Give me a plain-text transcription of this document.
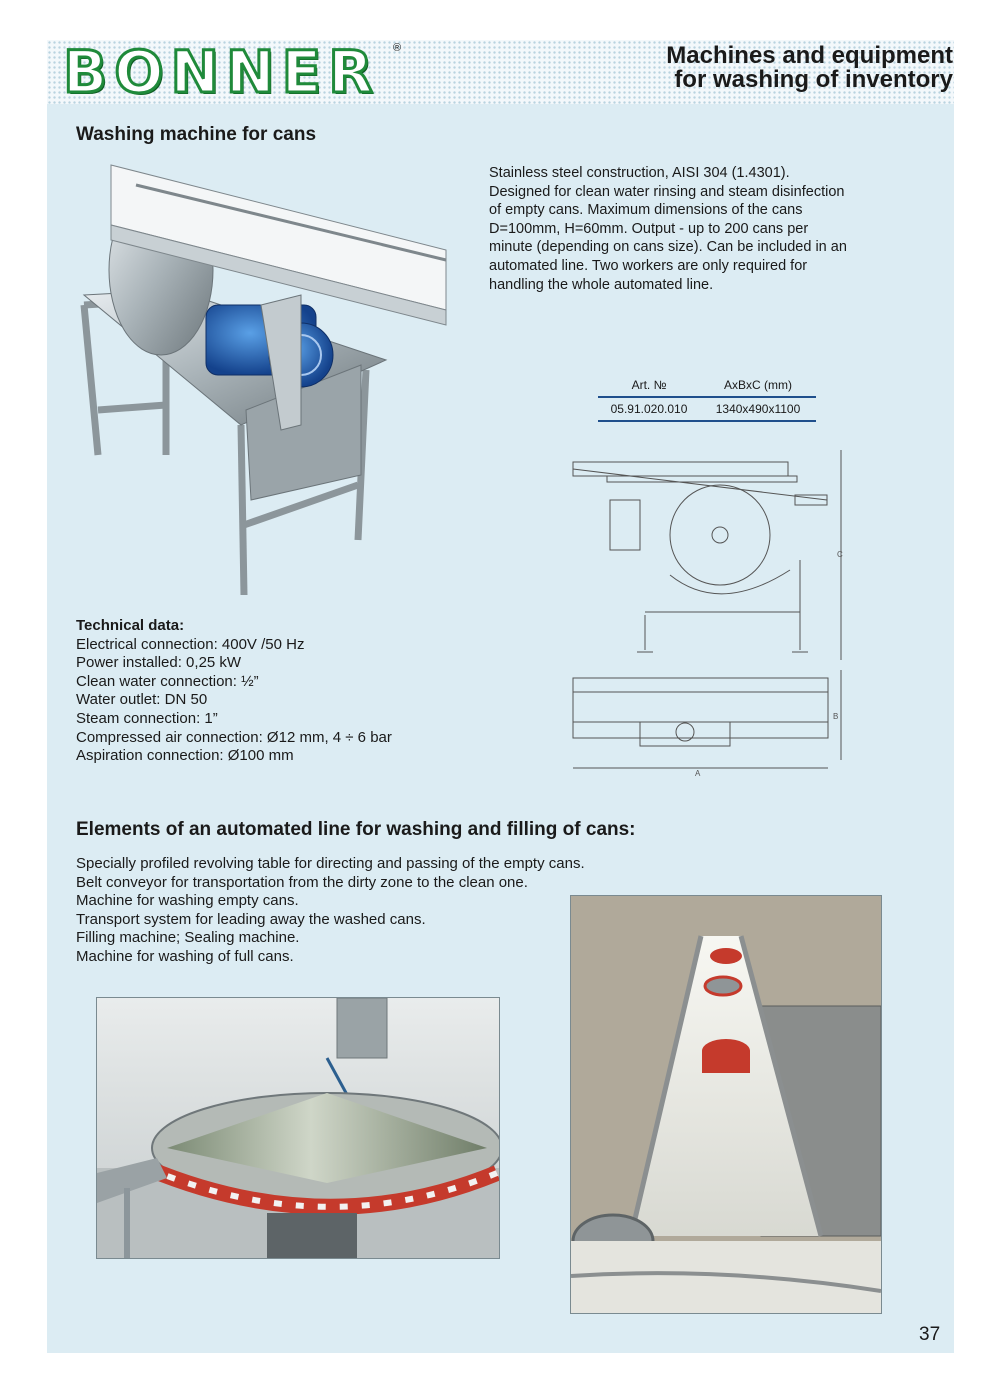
BONNER ®	Machines and equipment
for washing of inventory
Washing machine for cans
Stainless steel construction, AISI 304 (1.4301).
Designed for clean water rinsing and steam disinfection
of empty cans. Maximum dimensions of the cans
D=100mm, H=60mm. Output - up to 200 cans per
minute (depending on cans size). Can be included in an
automated line. Two workers are only required for
handling the whole automated line.
Art. №	AxBxC (mm)
05.91.020.010	1340x490x1100
C
B
A
Technical data:
Electrical connection: 400V /50 Hz
Power installed: 0,25 kW
Clean water connection: ½”
Water outlet: DN 50
Steam connection: 1”
Compressed air connection: Ø12 mm, 4 ÷ 6 bar
Aspiration connection: Ø100 mm
Elements of an automated line for washing and filling of cans:
Specially profiled revolving table for directing and passing of the empty cans.
Belt conveyor for transportation from the dirty zone to the clean one.
Machine for washing empty cans.
Transport system for leading away the washed cans.
Filling machine; Sealing machine.
Machine for washing of full cans.
37
